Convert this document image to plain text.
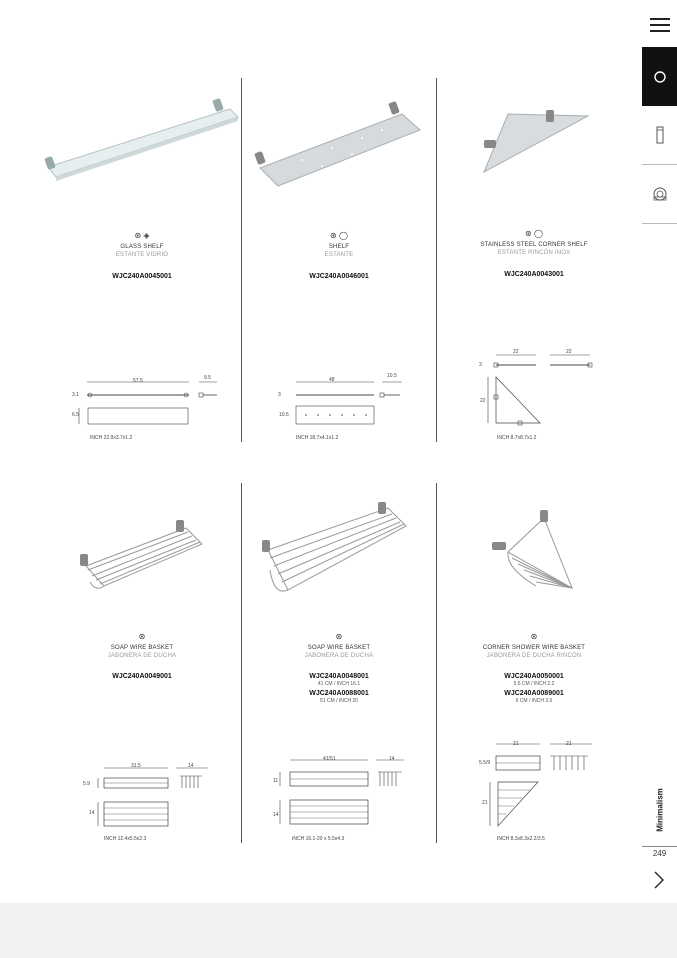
⊛ ◈
GLASS SHELF
ESTANTE VIDRIO
WJC240A0045001
57.5	9.5
3.1
6.5
INCH 22.9x3.7x1.2
⊛ ◯
SHELF
ESTANTE
WJC240A0046001
48
10.5
3
10.5
INCH 18.7x4.1x1.2
⊛ ◯
STAINLESS STEEL CORNER SHELF
ESTANTE RINCÓN INOX
WJC240A0043001
22	22
3
22
INCH 8.7x8.7x1.2
⊛
SOAP WIRE BASKET
JABONERA DE DUCHA
WJC240A0049001
31.5	14
5.9
14
INCH 12.4x5.5x2.3
⊛
SOAP WIRE BASKET
JABONERA DE DUCHA
WJC240A0048001
41 CM / INCH 16.1
WJC240A0088001
51 CM / INCH 20
41/51	14
11
14
INCH 16.1-20 x 5.5x4.3
⊛
CORNER SHOWER WIRE BASKET
JABONERA DE DUCHA RINCÓN
WJC240A0050001
5.5 CM / INCH 2.2
WJC240A0089001
9 CM / INCH 3.5
21	21
5.5/9
21
INCH 8.3x8.3x2.2/3.5
Minimalism
249
